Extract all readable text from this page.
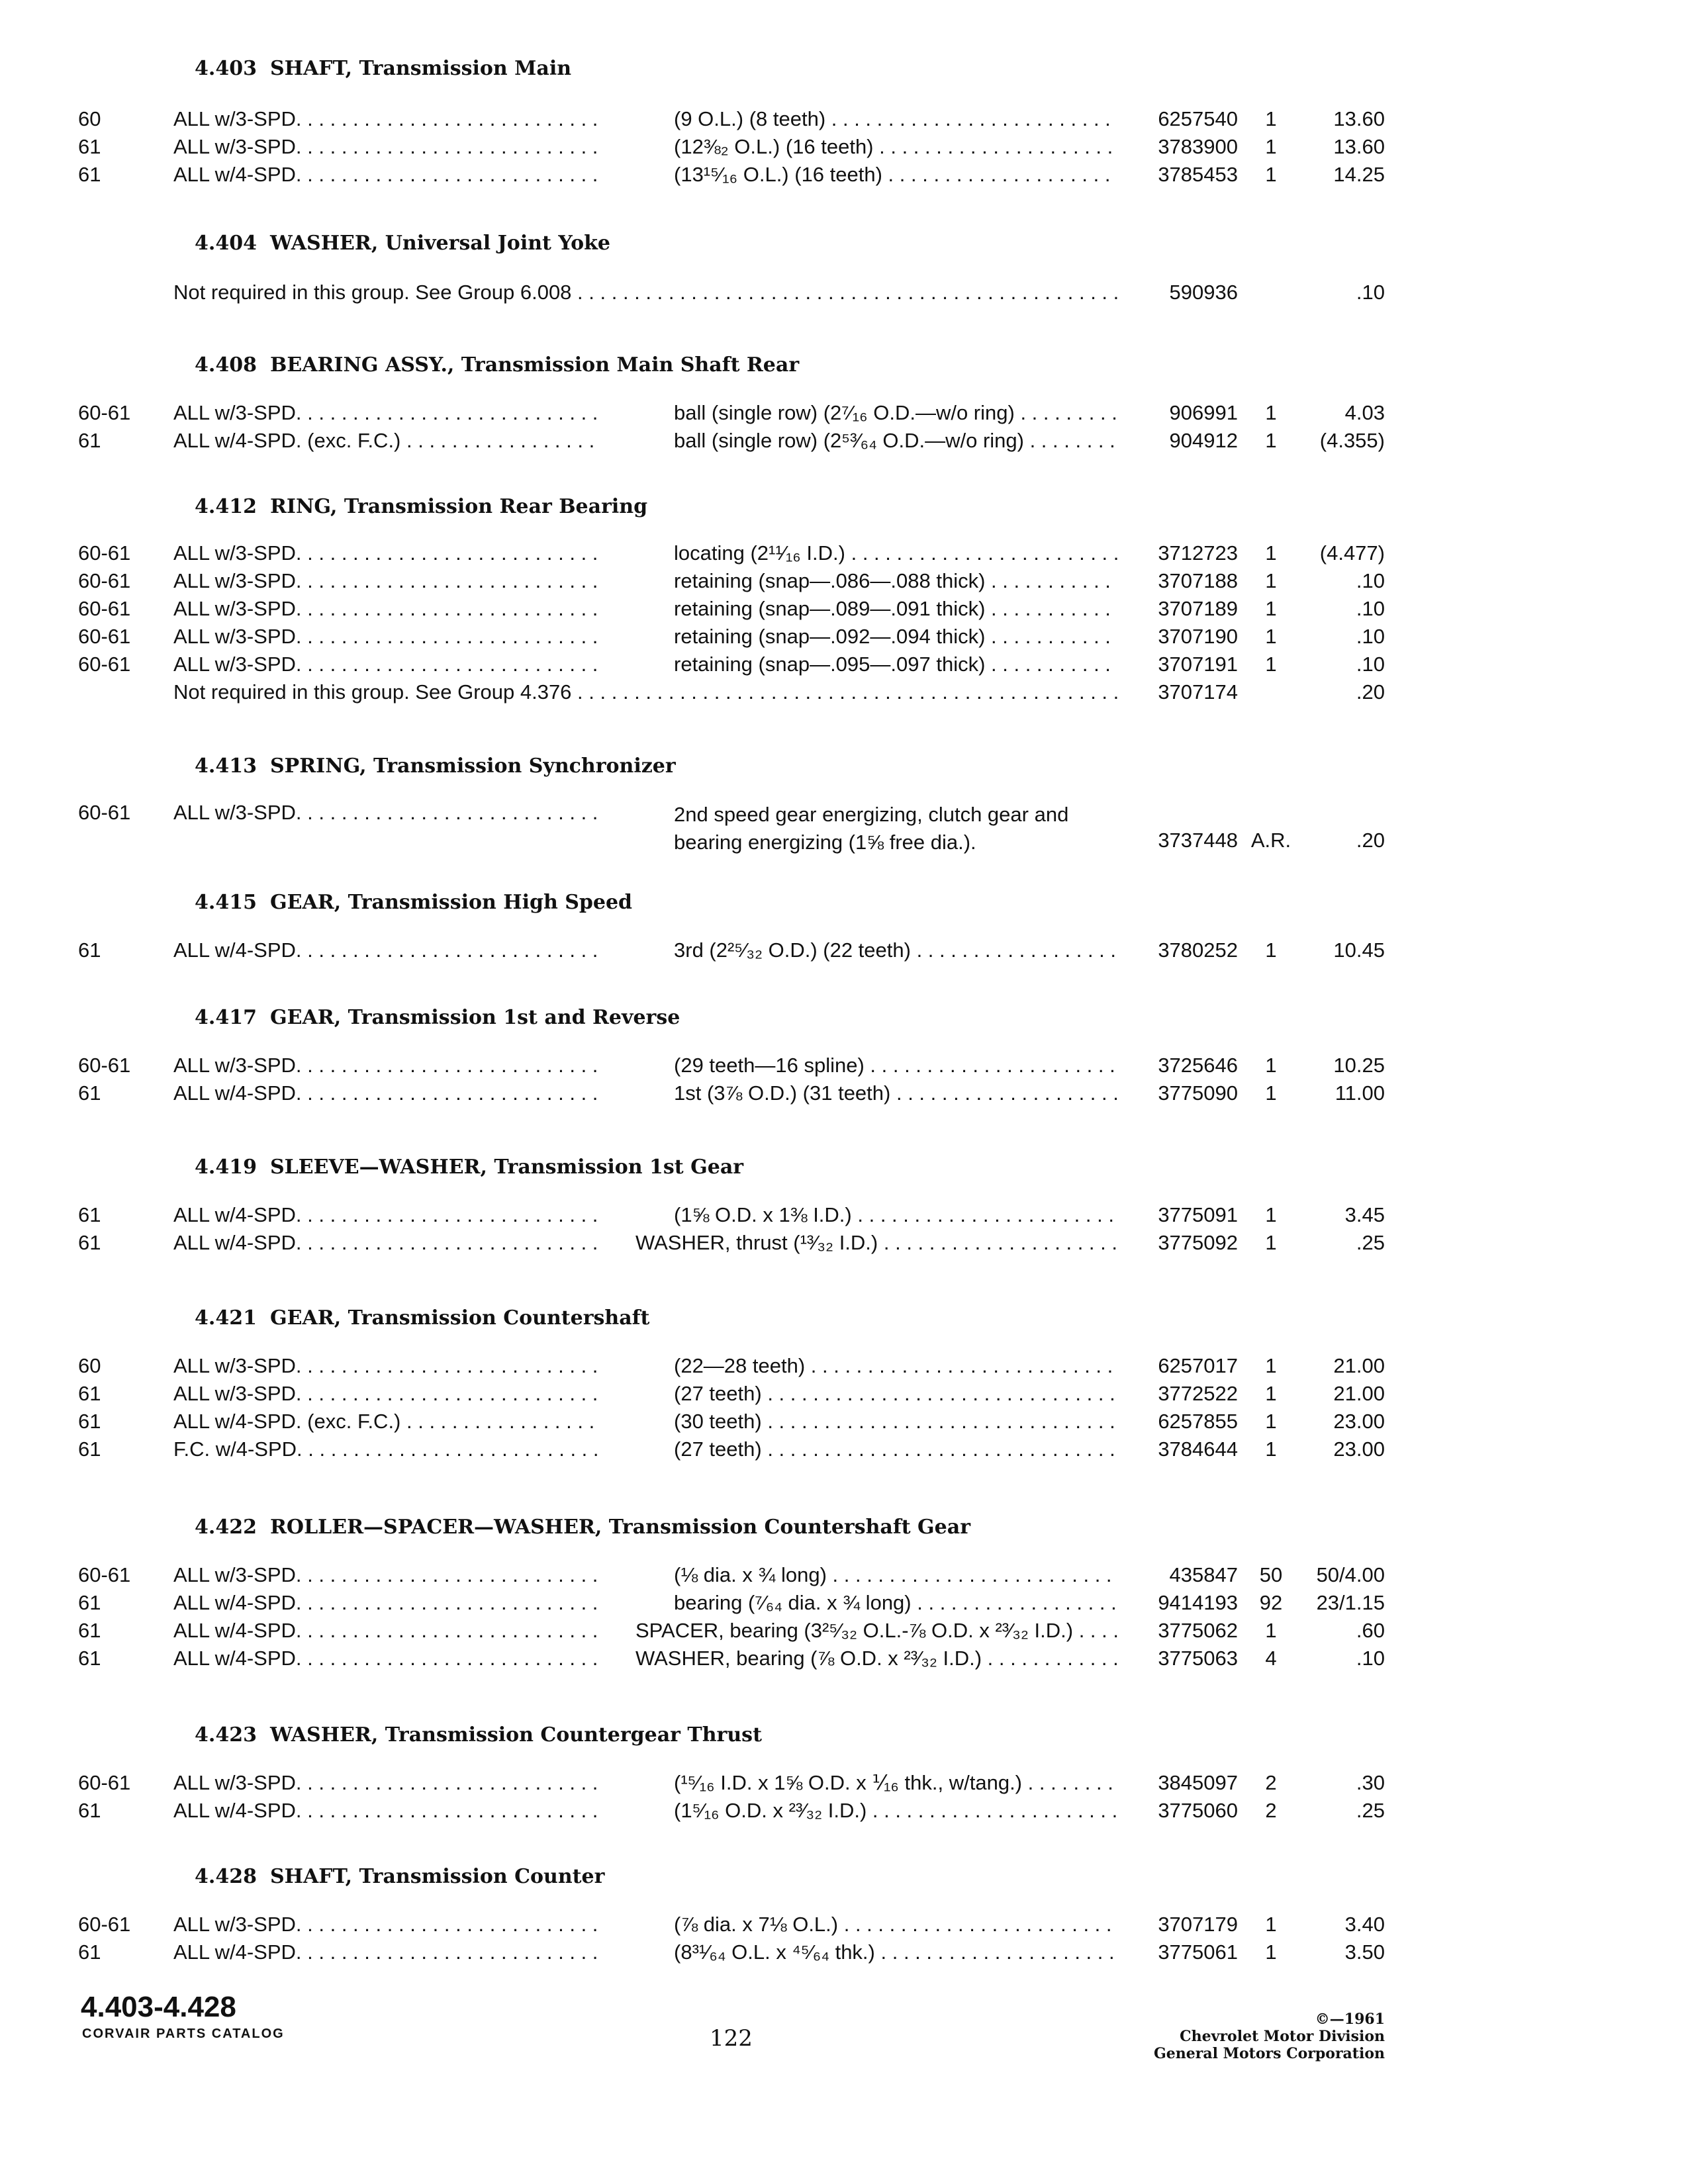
4.403 SHAFT, Transmission Main
60	ALL w/3-SPD. . . .	(9 O.L.) (8 teeth) . . .	6257540	1	13.60
61	ALL w/3-SPD. . . .	(12⅜₂ O.L.) (16 teeth) . . .	3783900	1	13.60
61	ALL w/4-SPD. . . .	(13¹⁵⁄₁₆ O.L.) (16 teeth) . . .	3785453	1	14.25
4.404 WASHER, Universal Joint Yoke
Not required in this group. See Group 6.008 . . .	590936	.10
4.408 BEARING ASSY., Transmission Main Shaft Rear
60-61 ALL w/3-SPD. . . .	ball (single row) (2⁷⁄₁₆ O.D.—w/o ring) . . .	906991	1	4.03
61	ALL w/4-SPD. (exc. F.C.) . . .	ball (single row) (2⁵³⁄₆₄ O.D.—w/o ring) . . .	904912	1	(4.355)
4.412 RING, Transmission Rear Bearing
60-61 ALL w/3-SPD. . . .	locating (2¹¹⁄₁₆ I.D.) . . .	3712723	1	(4.477)
60-61 ALL w/3-SPD. . . .	retaining (snap—.086—.088 thick) . . .	3707188	1	.10
60-61 ALL w/3-SPD. . . .	retaining (snap—.089—.091 thick) . . .	3707189	1	.10
60-61 ALL w/3-SPD. . . .	retaining (snap—.092—.094 thick) . . .	3707190	1	.10
60-61 ALL w/3-SPD. . . .	retaining (snap—.095—.097 thick) . . .	3707191	1	.10
Not required in this group. See Group 4.376 . . .	3707174	.20
4.413 SPRING, Transmission Synchronizer
60-61 ALL w/3-SPD. . . .	2nd speed gear energizing, clutch gear and bearing energizing (1⅝ free dia.).	3737448 A.R.	.20
4.415 GEAR, Transmission High Speed
61	ALL w/4-SPD. . . .	3rd (2²⁵⁄₃₂ O.D.) (22 teeth) . . .	3780252	1	10.45
4.417 GEAR, Transmission 1st and Reverse
60-61 ALL w/3-SPD. . . .	(29 teeth—16 spline) . . .	3725646	1	10.25
61	ALL w/4-SPD. . . .	1st (3⅞ O.D.) (31 teeth) . . .	3775090	1	11.00
4.419 SLEEVE—WASHER, Transmission 1st Gear
61	ALL w/4-SPD. . . .	(1⅝ O.D. x 1⅜ I.D.) . . .	3775091	1	3.45
61	ALL w/4-SPD. . . .	WASHER, thrust (¹³⁄₃₂ I.D.) . . .	3775092	1	.25
4.421 GEAR, Transmission Countershaft
60	ALL w/3-SPD. . . .	(22—28 teeth) . . .	6257017	1	21.00
61	ALL w/3-SPD. . . .	(27 teeth) . . .	3772522	1	21.00
61	ALL w/4-SPD. (exc. F.C.) . . .	(30 teeth) . . .	6257855	1	23.00
61	F.C. w/4-SPD. . . .	(27 teeth) . . .	3784644	1	23.00
4.422 ROLLER—SPACER—WASHER, Transmission Countershaft Gear
60-61 ALL w/3-SPD. . . .	(⅛ dia. x ¾ long) . . .	435847	50	50/4.00
61	ALL w/4-SPD. . . .	bearing (⁷⁄₆₄ dia. x ¾ long) . . .	9414193	92	23/1.15
61	ALL w/4-SPD. . . .	SPACER, bearing (3²⁵⁄₃₂ O.L.-⅞ O.D. x ²³⁄₃₂ I.D.) . . .	3775062	1	.60
61	ALL w/4-SPD. . . .	WASHER, bearing (⅞ O.D. x ²³⁄₃₂ I.D.) . . .	3775063	4	.10
4.423 WASHER, Transmission Countergear Thrust
60-61 ALL w/3-SPD. . . .	(¹⁵⁄₁₆ I.D. x 1⅝ O.D. x ⅟₁₆ thk., w/tang.) . . .	3845097	2	.30
61	ALL w/4-SPD. . . .	(1⁵⁄₁₆ O.D. x ²³⁄₃₂ I.D.) . . .	3775060	2	.25
4.428 SHAFT, Transmission Counter
60-61 ALL w/3-SPD. . . .	(⅞ dia. x 7⅛ O.L.) . . .	3707179	1	3.40
61	ALL w/4-SPD. . . .	(8³¹⁄₆₄ O.L. x ⁴⁵⁄₆₄ thk.) . . .	3775061	1	3.50
4.403-4.428
CORVAIR PARTS CATALOG	122
©—1961
Chevrolet Motor Division
General Motors Corporation
